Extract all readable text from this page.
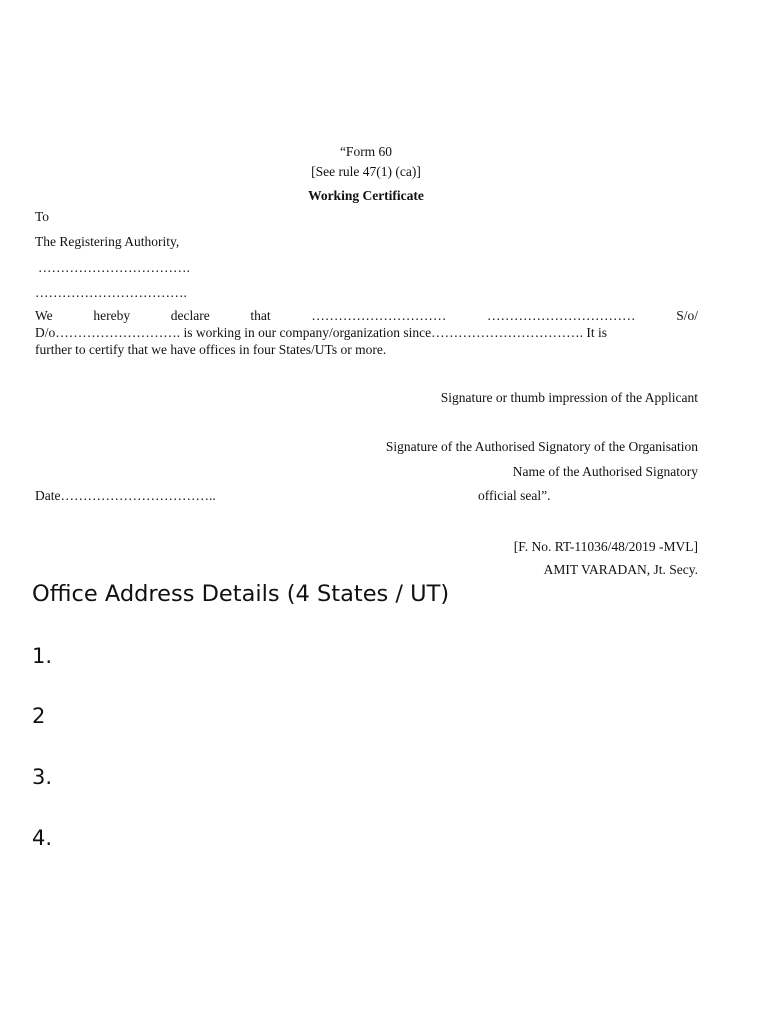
“Form 60
[See rule 47(1) (ca)]
Working Certificate
To
The Registering Authority,
…………………………….
…………………………….
We	hereby	declare	that	…………………………	……………………………	S/o/
D/o………………………. is working in our company/organization since……………………………. It is
further to certify that we have offices in four States/UTs or more.
Signature or thumb impression of the Applicant
Signature of the Authorised Signatory of the Organisation
Name of the Authorised Signatory
official seal”.
Date……………………………..
[F. No. RT-11036/48/2019 -MVL]
AMIT VARADAN, Jt. Secy.
Office Address Details (4 States / UT)
1.
2
3.
4.
